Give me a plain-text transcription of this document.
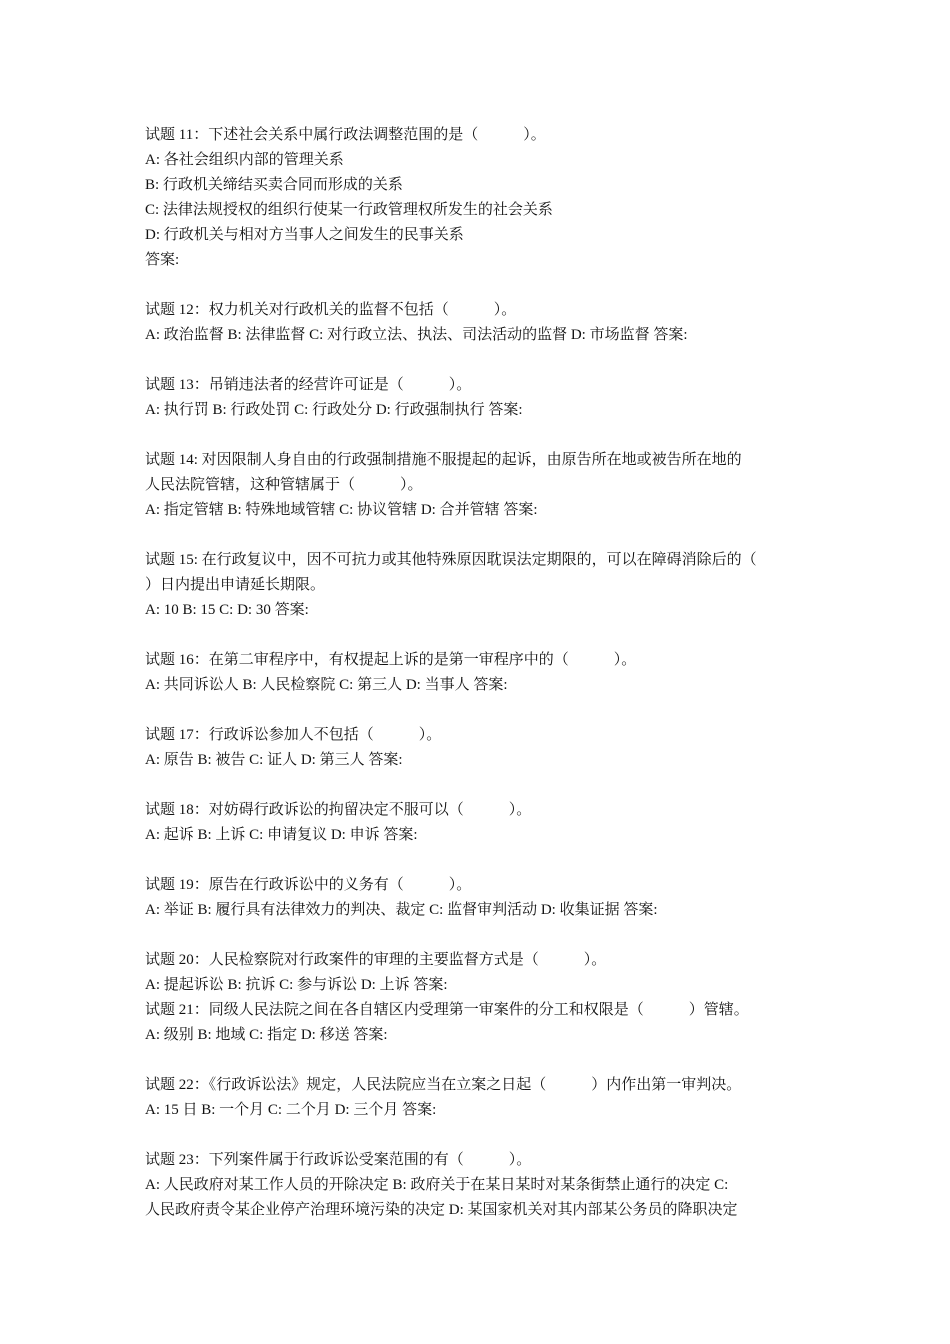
试题 11：下述社会关系中属行政法调整范围的是（　　　）。
A: 各社会组织内部的管理关系
B: 行政机关缔结买卖合同而形成的关系
C: 法律法规授权的组织行使某一行政管理权所发生的社会关系
D: 行政机关与相对方当事人之间发生的民事关系
答案:
试题 12：权力机关对行政机关的监督不包括（　　　）。
A: 政治监督 B: 法律监督 C: 对行政立法、执法、司法活动的监督 D: 市场监督 答案:
试题 13：吊销违法者的经营许可证是（　　　）。
A: 执行罚 B: 行政处罚 C: 行政处分 D: 行政强制执行 答案:
试题 14: 对因限制人身自由的行政强制措施不服提起的起诉，由原告所在地或被告所在地的
人民法院管辖，这种管辖属于（　　　）。
A: 指定管辖 B: 特殊地域管辖 C: 协议管辖 D: 合并管辖 答案:
试题 15: 在行政复议中，因不可抗力或其他特殊原因耽误法定期限的，可以在障碍消除后的（
）日内提出申请延长期限。
A: 10 B: 15 C: D: 30 答案:
试题 16：在第二审程序中，有权提起上诉的是第一审程序中的（　　　）。
A: 共同诉讼人 B: 人民检察院 C: 第三人 D: 当事人 答案:
试题 17：行政诉讼参加人不包括（　　　）。
A: 原告 B: 被告 C: 证人 D: 第三人 答案:
试题 18：对妨碍行政诉讼的拘留决定不服可以（　　　）。
A: 起诉 B: 上诉 C: 申请复议 D: 申诉 答案:
试题 19：原告在行政诉讼中的义务有（　　　）。
A: 举证 B: 履行具有法律效力的判决、裁定 C: 监督审判活动 D: 收集证据 答案:
试题 20：人民检察院对行政案件的审理的主要监督方式是（　　　）。
A: 提起诉讼 B: 抗诉 C: 参与诉讼 D: 上诉 答案:
试题 21：同级人民法院之间在各自辖区内受理第一审案件的分工和权限是（　　　）管辖。
A: 级别 B: 地域 C: 指定 D: 移送 答案:
试题 22：《行政诉讼法》规定，人民法院应当在立案之日起（　　　）内作出第一审判决。
A: 15 日 B: 一个月 C: 二个月 D: 三个月 答案:
试题 23：下列案件属于行政诉讼受案范围的有（　　　）。
A: 人民政府对某工作人员的开除决定 B: 政府关于在某日某时对某条街禁止通行的决定 C:
人民政府责令某企业停产治理环境污染的决定 D: 某国家机关对其内部某公务员的降职决定
